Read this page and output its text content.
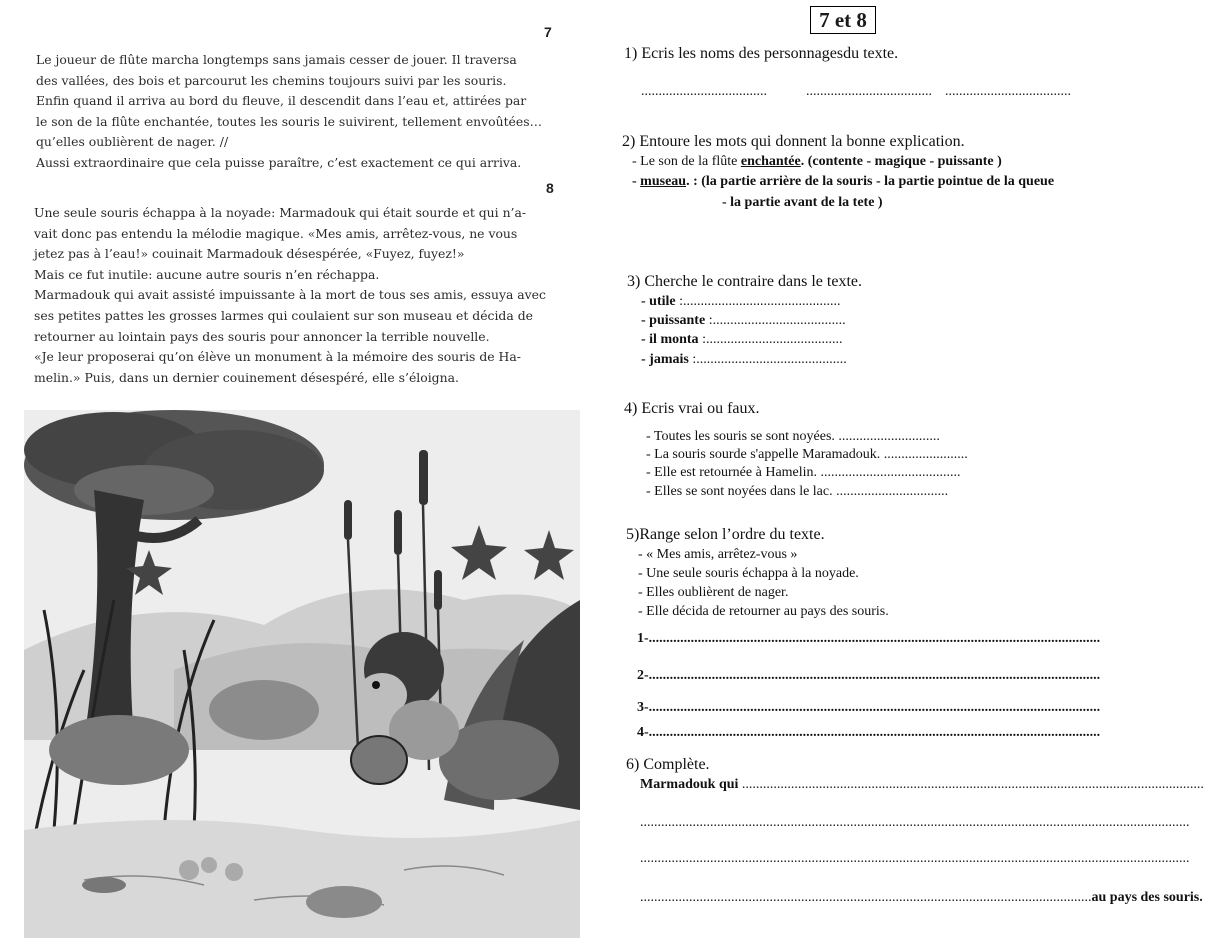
7
Le joueur de flûte marcha longtemps sans jamais cesser de jouer. Il traversa
des vallées, des bois et parcourut les chemins toujours suivi par les souris.
Enfin quand il arriva au bord du fleuve, il descendit dans l’eau et, attirées par
le son de la flûte enchantée, toutes les souris le suivirent, tellement envoûtées…
qu’elles oublièrent de nager. //
Aussi extraordinaire que cela puisse paraître, c’est exactement ce qui arriva.
8
Une seule souris échappa à la noyade: Marmadouk qui était sourde et qui n’a-
vait donc pas entendu la mélodie magique. «Mes amis, arrêtez-vous, ne vous
jetez pas à l’eau!» couinait Marmadouk désespérée, «Fuyez, fuyez!»
Mais ce fut inutile: aucune autre souris n’en réchappa.
Marmadouk qui avait assisté impuissante à la mort de tous ses amis, essuya avec
ses petites pattes les grosses larmes qui coulaient sur son museau et décida de
retourner au lointain pays des souris pour annoncer la terrible nouvelle.
«Je leur proposerai qu’on élève un monument à la mémoire des souris de Ha-
melin.» Puis, dans un dernier couinement désespéré, elle s’éloigna.
7 et 8
1) Ecris les noms des personnagesdu texte.
....................................	.................................... ....................................
2) Entoure les mots qui donnent la bonne explication.
- Le son de la flûte enchantée. (contente - magique - puissante )
- museau. : (la partie arrière de la souris - la partie pointue de la queue
- la partie avant de la tete )
3) Cherche le contraire dans le texte.
- utile :.............................................
- puissante :......................................
- il monta :.......................................
- jamais :...........................................
4) Ecris vrai ou faux.
- Toutes les souris se sont noyées. .............................
- La souris sourde s'appelle Maramadouk. ........................
- Elle est retournée à Hamelin. ........................................
- Elles se sont noyées dans le lac. ................................
5)Range selon l’ordre du texte.
- « Mes amis, arrêtez-vous »
- Une seule souris échappa à la noyade.
- Elles oublièrent de nager.
- Elle décida de retourner au pays des souris.
1-.................................................................................................................................
2-.................................................................................................................................
3-.................................................................................................................................
4-.................................................................................................................................
6) Complète.
Marmadouk qui ....................................................................................................................................
.............................................................................................................................................................
.............................................................................................................................................................
.................................................................................................................................au pays des souris.
